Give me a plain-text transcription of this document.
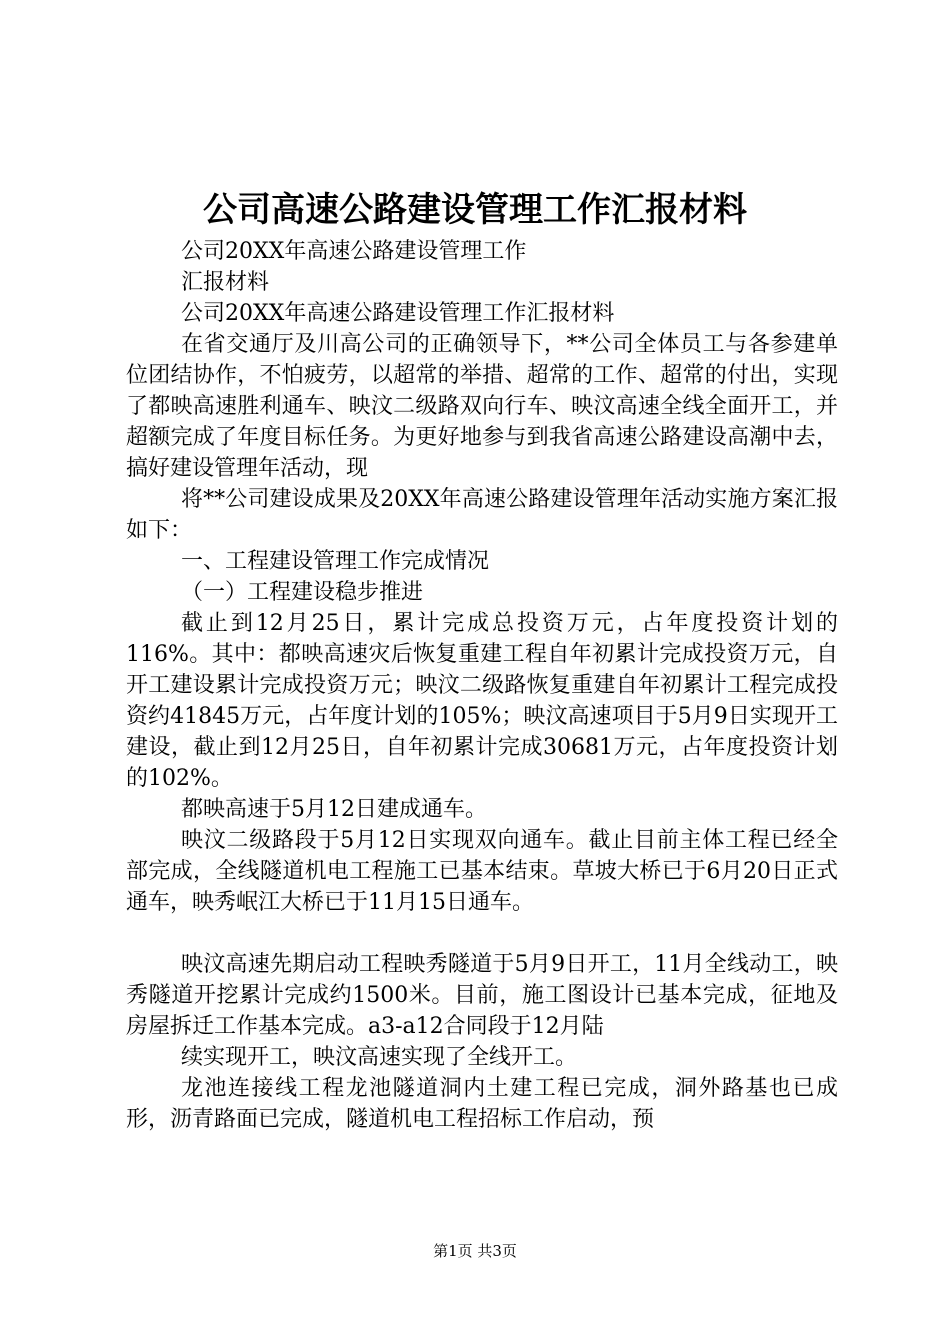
公司高速公路建设管理工作汇报材料

公司20XX年高速公路建设管理工作

汇报材料

公司20XX年高速公路建设管理工作汇报材料

在省交通厅及川高公司的正确领导下，**公司全体员工与各参建单位团结协作，不怕疲劳，以超常的举措、超常的工作、超常的付出，实现了都映高速胜利通车、映汶二级路双向行车、映汶高速全线全面开工，并超额完成了年度目标任务。为更好地参与到我省高速公路建设高潮中去，搞好建设管理年活动，现

将**公司建设成果及20XX年高速公路建设管理年活动实施方案汇报如下：

一、工程建设管理工作完成情况

（一）工程建设稳步推进

截止到12月25日，累计完成总投资万元，占年度投资计划的116%。其中：都映高速灾后恢复重建工程自年初累计完成投资万元，自开工建设累计完成投资万元；映汶二级路恢复重建自年初累计工程完成投资约41845万元，占年度计划的105%；映汶高速项目于5月9日实现开工建设，截止到12月25日，自年初累计完成30681万元，占年度投资计划的102%。

都映高速于5月12日建成通车。

映汶二级路段于5月12日实现双向通车。截止目前主体工程已经全部完成，全线隧道机电工程施工已基本结束。草坡大桥已于6月20日正式通车，映秀岷江大桥已于11月15日通车。

映汶高速先期启动工程映秀隧道于5月9日开工，11月全线动工，映秀隧道开挖累计完成约1500米。目前，施工图设计已基本完成，征地及房屋拆迁工作基本完成。a3-a12合同段于12月陆

续实现开工，映汶高速实现了全线开工。

龙池连接线工程龙池隧道洞内土建工程已完成，洞外路基也已成形，沥青路面已完成，隧道机电工程招标工作启动，预

第1页 共3页
